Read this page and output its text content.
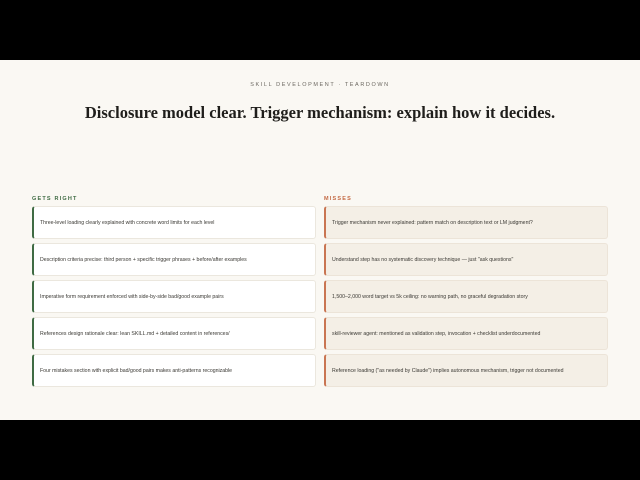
SKILL DEVELOPMENT · TEARDOWN
Disclosure model clear. Trigger mechanism: explain how it decides.
GETS RIGHT
Three-level loading clearly explained with concrete word limits for each level
Description criteria precise: third person + specific trigger phrases + before/after examples
Imperative form requirement enforced with side-by-side bad/good example pairs
References design rationale clear: lean SKILL.md + detailed content in references/
Four mistakes section with explicit bad/good pairs makes anti-patterns recognizable
MISSES
Trigger mechanism never explained: pattern match on description text or LM judgment?
Understand step has no systematic discovery technique — just "ask questions"
1,500–2,000 word target vs 5k ceiling: no warning path, no graceful degradation story
skill-reviewer agent: mentioned as validation step, invocation + checklist underdocumented
Reference loading ("as needed by Claude") implies autonomous mechanism, trigger not documented
